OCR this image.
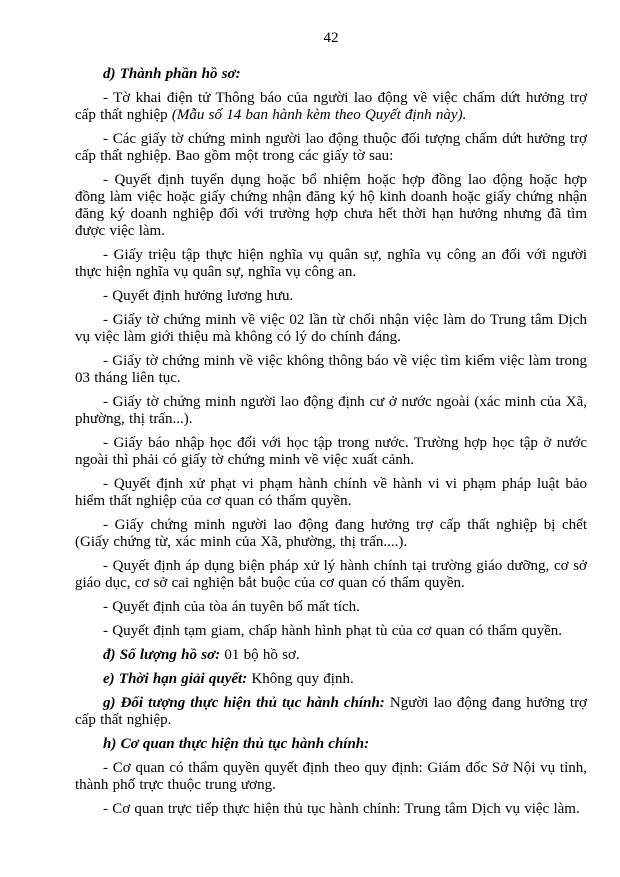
42

d) Thành phần hồ sơ:

- Tờ khai điện tử Thông báo của người lao động về việc chấm dứt hưởng trợ cấp thất nghiệp (Mẫu số 14 ban hành kèm theo Quyết định này).

- Các giấy tờ chứng minh người lao động thuộc đối tượng chấm dứt hưởng trợ cấp thất nghiệp. Bao gồm một trong các giấy tờ sau:

- Quyết định tuyển dụng hoặc bổ nhiệm hoặc hợp đồng lao động hoặc hợp đồng làm việc hoặc giấy chứng nhận đăng ký hộ kinh doanh hoặc giấy chứng nhận đăng ký doanh nghiệp đối với trường hợp chưa hết thời hạn hưởng nhưng đã tìm được việc làm.

- Giấy triệu tập thực hiện nghĩa vụ quân sự, nghĩa vụ công an đối với người thực hiện nghĩa vụ quân sự, nghĩa vụ công an.

- Quyết định hưởng lương hưu.

- Giấy tờ chứng minh về việc 02 lần từ chối nhận việc làm do Trung tâm Dịch vụ việc làm giới thiệu mà không có lý do chính đáng.

- Giấy tờ chứng minh về việc không thông báo về việc tìm kiếm việc làm trong 03 tháng liên tục.

- Giấy tờ chứng minh người lao động định cư ở nước ngoài (xác minh của Xã, phường, thị trấn...).

- Giấy báo nhập học đối với học tập trong nước. Trường hợp học tập ở nước ngoài thì phải có giấy tờ chứng minh về việc xuất cảnh.

- Quyết định xử phạt vi phạm hành chính về hành vi vi phạm pháp luật bảo hiểm thất nghiệp của cơ quan có thẩm quyền.

- Giấy chứng minh người lao động đang hưởng trợ cấp thất nghiệp bị chết (Giấy chứng từ, xác minh của Xã, phường, thị trấn....).

- Quyết định áp dụng biện pháp xử lý hành chính tại trường giáo dưỡng, cơ sở giáo dục, cơ sở cai nghiện bắt buộc của cơ quan có thẩm quyền.

- Quyết định của tòa án tuyên bố mất tích.

- Quyết định tạm giam, chấp hành hình phạt tù của cơ quan có thẩm quyền.

đ) Số lượng hồ sơ: 01 bộ hồ sơ.

e) Thời hạn giải quyết: Không quy định.

g) Đối tượng thực hiện thủ tục hành chính: Người lao động đang hưởng trợ cấp thất nghiệp.

h) Cơ quan thực hiện thủ tục hành chính:

- Cơ quan có thẩm quyền quyết định theo quy định: Giám đốc Sở Nội vụ tỉnh, thành phố trực thuộc trung ương.

- Cơ quan trực tiếp thực hiện thủ tục hành chính: Trung tâm Dịch vụ việc làm.
